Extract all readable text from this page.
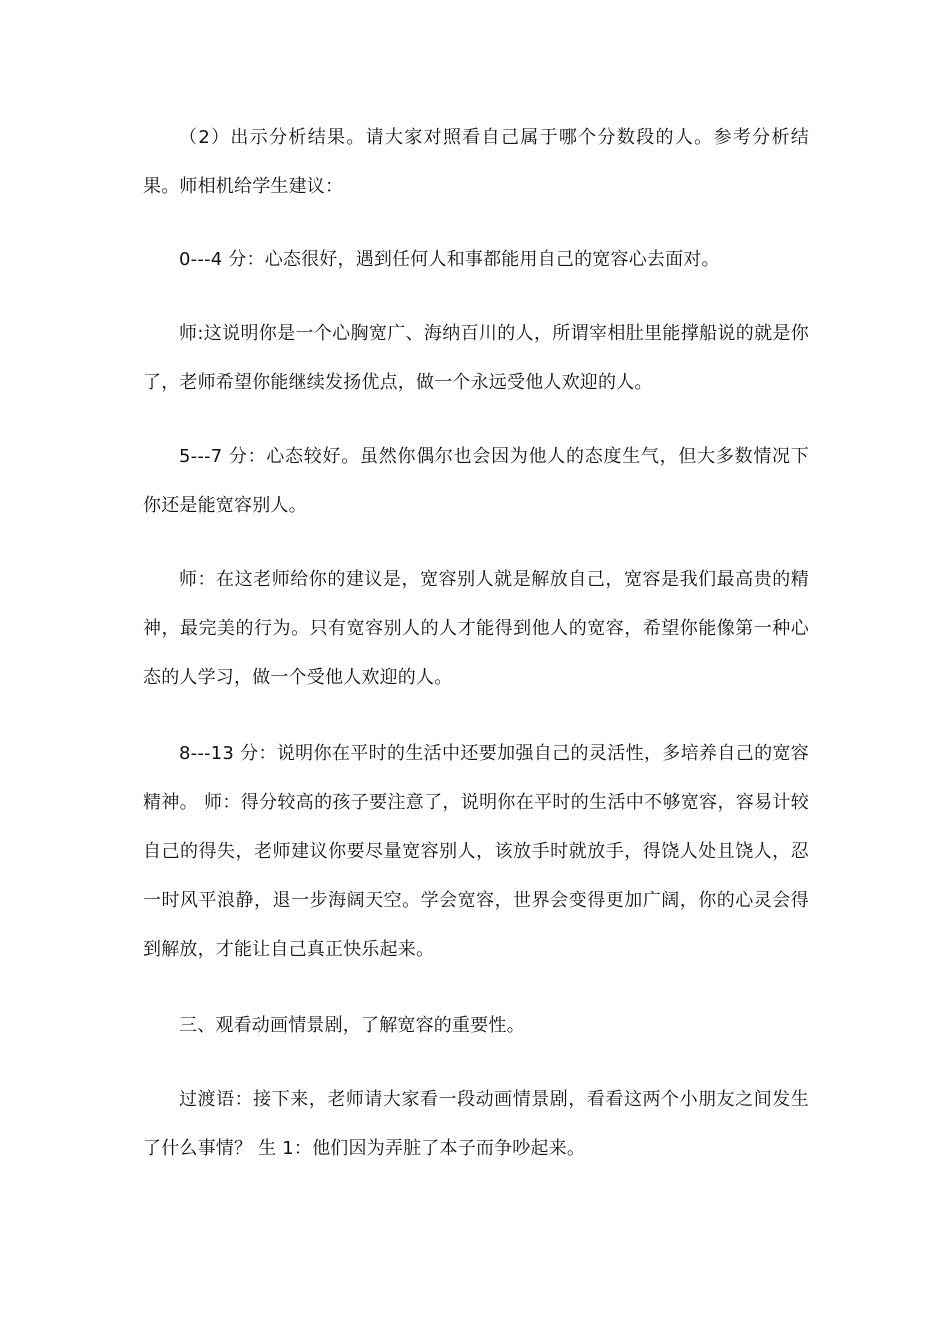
（2）出示分析结果。请大家对照看自己属于哪个分数段的人。参考分析结果。师相机给学生建议：

0---4 分：心态很好，遇到任何人和事都能用自己的宽容心去面对。

师:这说明你是一个心胸宽广、海纳百川的人，所谓宰相肚里能撑船说的就是你了，老师希望你能继续发扬优点，做一个永远受他人欢迎的人。

5---7 分：心态较好。虽然你偶尔也会因为他人的态度生气，但大多数情况下你还是能宽容别人。

师：在这老师给你的建议是，宽容别人就是解放自己，宽容是我们最高贵的精神，最完美的行为。只有宽容别人的人才能得到他人的宽容，希望你能像第一种心态的人学习，做一个受他人欢迎的人。

8---13 分：说明你在平时的生活中还要加强自己的灵活性，多培养自己的宽容精神。 师：得分较高的孩子要注意了，说明你在平时的生活中不够宽容，容易计较自己的得失，老师建议你要尽量宽容别人，该放手时就放手，得饶人处且饶人，忍一时风平浪静，退一步海阔天空。学会宽容，世界会变得更加广阔，你的心灵会得到解放，才能让自己真正快乐起来。

三、观看动画情景剧，了解宽容的重要性。

过渡语：接下来，老师请大家看一段动画情景剧，看看这两个小朋友之间发生了什么事情？ 生 1：他们因为弄脏了本子而争吵起来。
